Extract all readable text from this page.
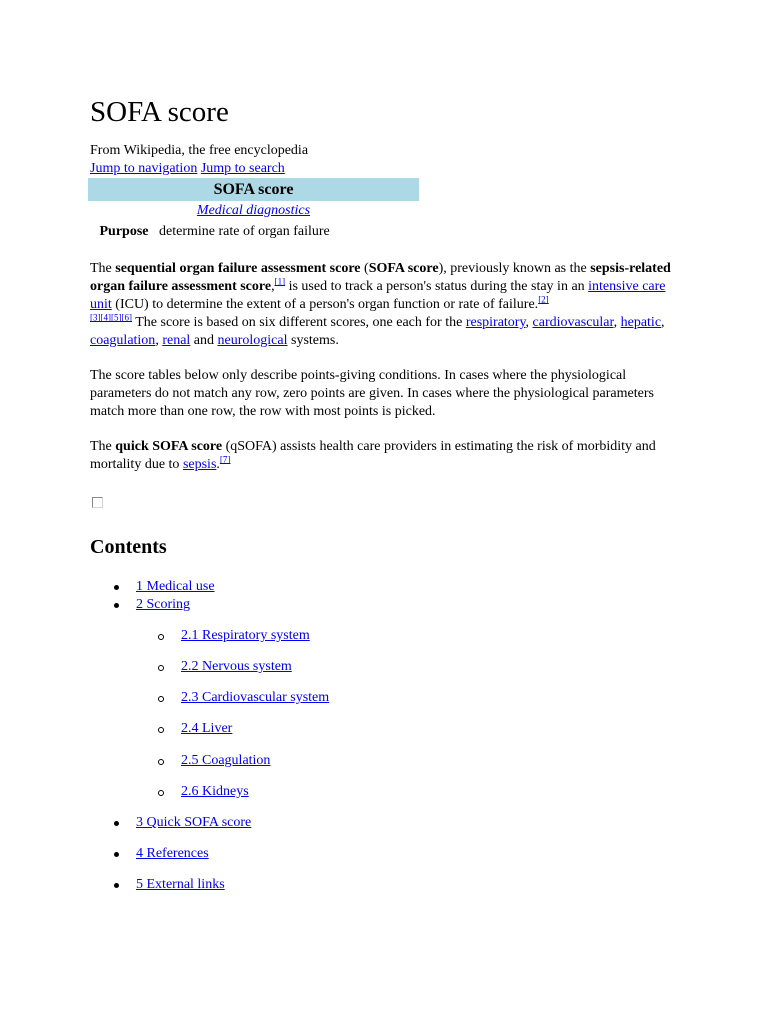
SOFA score

From Wikipedia, the free encyclopedia

Jump to navigation Jump to search

SOFA score
Medical diagnostics
Purpose	determine rate of organ failure

The sequential organ failure assessment score (SOFA score), previously known as the sepsis-related organ failure assessment score,[1] is used to track a person's status during the stay in an intensive care unit (ICU) to determine the extent of a person's organ function or rate of failure.[2]
[3][4][5][6] The score is based on six different scores, one each for the respiratory, cardiovascular, hepatic, coagulation, renal and neurological systems.

The score tables below only describe points-giving conditions. In cases where the physiological parameters do not match any row, zero points are given. In cases where the physiological parameters match more than one row, the row with most points is picked.

The quick SOFA score (qSOFA) assists health care providers in estimating the risk of morbidity and mortality due to sepsis.[7]

Contents

1 Medical use

2 Scoring

2.1 Respiratory system

2.2 Nervous system

2.3 Cardiovascular system

2.4 Liver

2.5 Coagulation

2.6 Kidneys

3 Quick SOFA score

4 References

5 External links
